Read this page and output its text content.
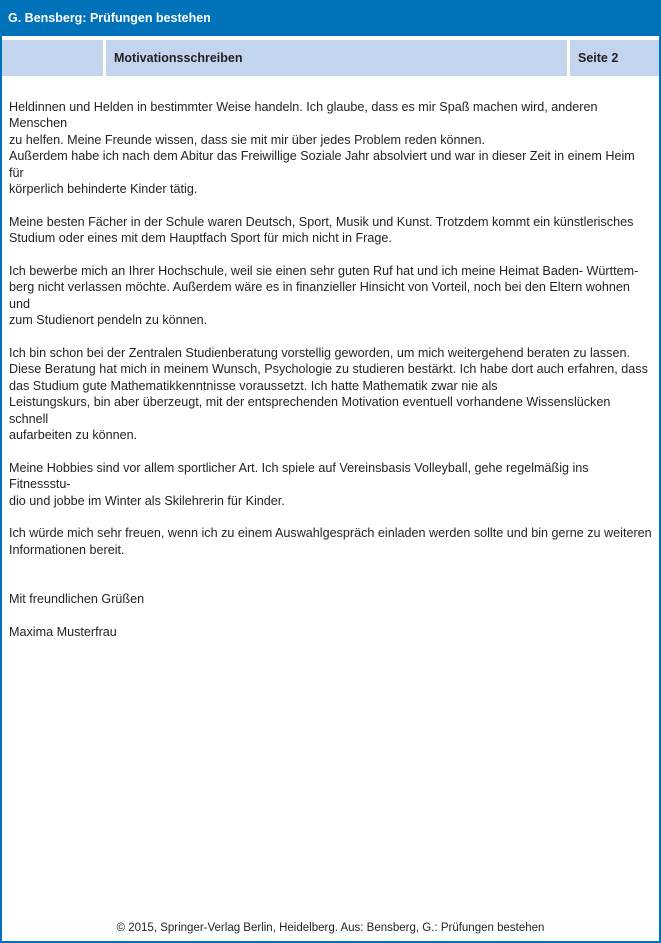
G. Bensberg: Prüfungen bestehen
Motivationsschreiben	Seite 2

Heldinnen und Helden in bestimmter Weise handeln. Ich glaube, dass es mir Spaß machen wird, anderen Menschen
zu helfen. Meine Freunde wissen, dass sie mit mir über jedes Problem reden können.
Außerdem habe ich nach dem Abitur das Freiwillige Soziale Jahr absolviert und war in dieser Zeit in einem Heim für
körperlich behinderte Kinder tätig.

Meine besten Fächer in der Schule waren Deutsch, Sport, Musik und Kunst. Trotzdem kommt ein künstlerisches
Studium oder eines mit dem Hauptfach Sport für mich nicht in Frage.

Ich bewerbe mich an Ihrer Hochschule, weil sie einen sehr guten Ruf hat und ich meine Heimat Baden- Württem-
berg nicht verlassen möchte. Außerdem wäre es in finanzieller Hinsicht von Vorteil, noch bei den Eltern wohnen und
zum Studienort pendeln zu können.

Ich bin schon bei der Zentralen Studienberatung vorstellig geworden, um mich weitergehend beraten zu lassen.
Diese Beratung hat mich in meinem Wunsch, Psychologie zu studieren bestärkt. Ich habe dort auch erfahren, dass
das Studium gute Mathematikkenntnisse voraussetzt. Ich hatte Mathematik zwar nie als
Leistungskurs, bin aber überzeugt, mit der entsprechenden Motivation eventuell vorhandene Wissenslücken schnell
aufarbeiten zu können.

Meine Hobbies sind vor allem sportlicher Art. Ich spiele auf Vereinsbasis Volleyball, gehe regelmäßig ins Fitnessstu-
dio und jobbe im Winter als Skilehrerin für Kinder.

Ich würde mich sehr freuen, wenn ich zu einem Auswahlgespräch einladen werden sollte und bin gerne zu weiteren
Informationen bereit.

Mit freundlichen Grüßen

Maxima Musterfrau

© 2015, Springer-Verlag Berlin, Heidelberg. Aus: Bensberg, G.: Prüfungen bestehen
